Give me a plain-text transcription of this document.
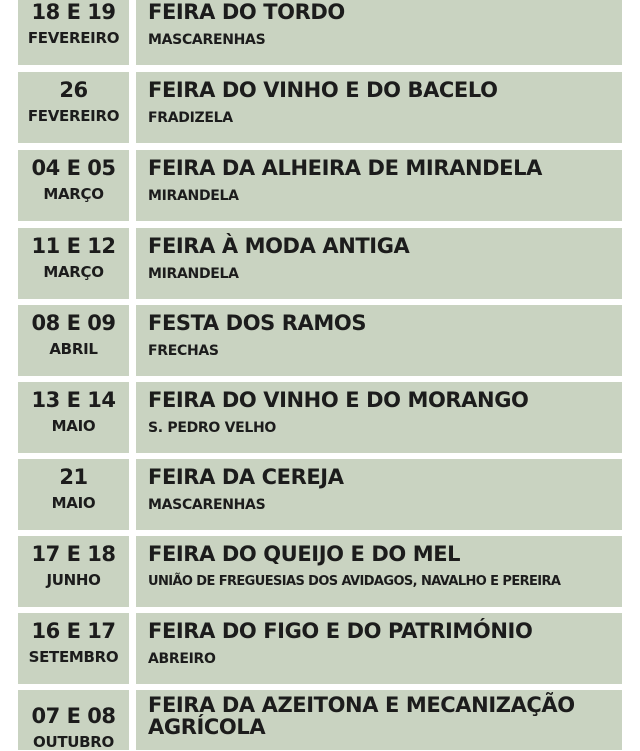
18 E 19
FEVEREIRO
FEIRA DO TORDO
MASCARENHAS
26
FEVEREIRO
FEIRA DO VINHO E DO BACELO
FRADIZELA
04 E 05
MARÇO
FEIRA DA ALHEIRA DE MIRANDELA
MIRANDELA
11 E 12
MARÇO
FEIRA À MODA ANTIGA
MIRANDELA
08 E 09
ABRIL
FESTA DOS RAMOS
FRECHAS
13 E 14
MAIO
FEIRA DO VINHO E DO MORANGO
S. PEDRO VELHO
21
MAIO
FEIRA DA CEREJA
MASCARENHAS
17 E 18
JUNHO
FEIRA DO QUEIJO E DO MEL
UNIÃO DE FREGUESIAS DOS AVIDAGOS, NAVALHO E PEREIRA
16 E 17
SETEMBRO
FEIRA DO FIGO E DO PATRIMÓNIO
ABREIRO
07 E 08
OUTUBRO
FEIRA DA AZEITONA E MECANIZAÇÃO AGRÍCOLA
